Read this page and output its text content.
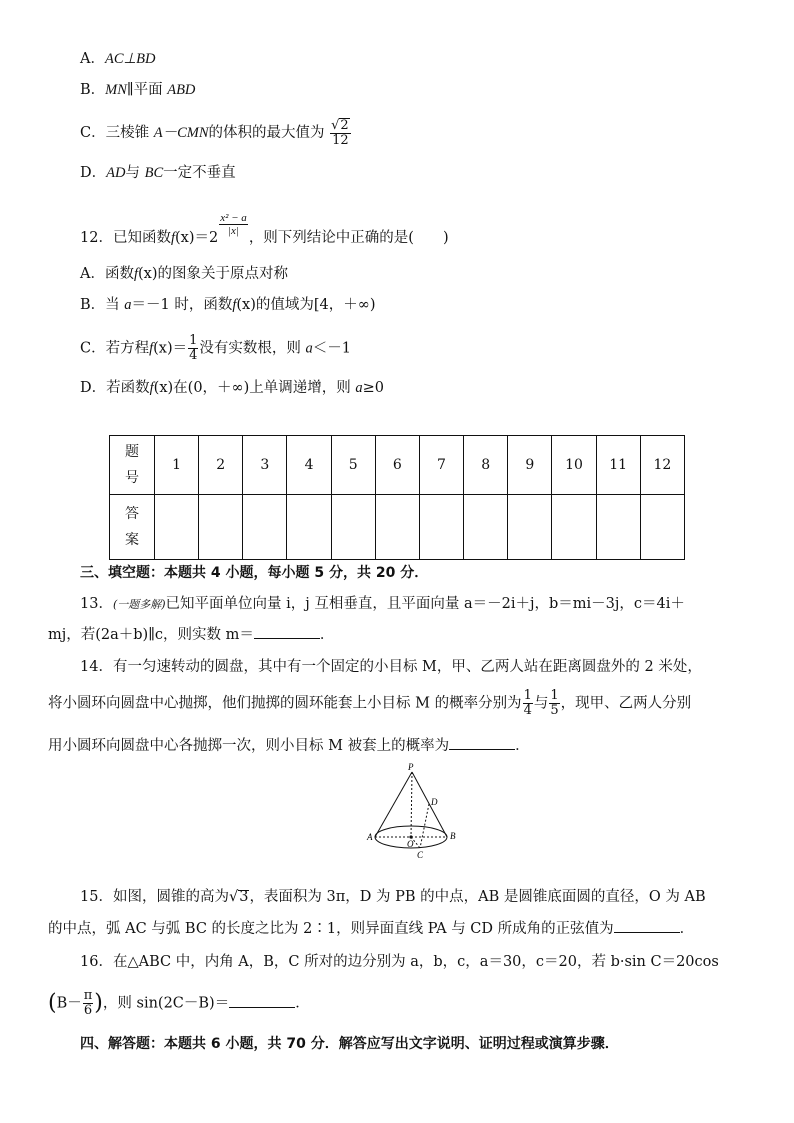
A．AC⊥BD
B．MN∥平面 ABD
C．三棱锥 A－CMN的体积的最大值为 $\frac{√2}{12}$
D．AD与 BC一定不垂直
12．已知函数f(x)＝2
$\frac{\text{x² − a}}{|x|}$
，则下列结论中正确的是(　　)
A．函数f(x)的图象关于原点对称
B．当 a＝－1 时，函数f(x)的值域为[4，＋∞)
C．若方程$f(x)= \frac{1}{4}$ 没有实数根，则 a＜－1
D．若函数f(x)在(0，＋∞)上单调递增，则 a≥0
题号	1	2	3	4	5	6	7	8	9	10	11	12
答案												
三、填空题：本题共 4 小题，每小题 5 分，共 20 分．
13．(一题多解)已知平面单位向量 i，j 互相垂直，且平面向量 a＝－2i＋j，b＝mi－3j，c＝4i＋
mj，若(2a＋b)∥c，则实数 m＝	．
14．有一匀速转动的圆盘，其中有一个固定的小目标 M，甲、乙两人站在距离圆盘外的 2 米处，
将小圆环向圆盘中心抛掷，他们抛掷的圆环能套上小目标 M 的概率分别为 $\frac{1}{4}$ 与 $\frac{1}{5}$ ，现甲、乙两人分别
用小圆环向圆盘中心各抛掷一次，则小目标 M 被套上的概率为	．
P
D
A
O
B
C
15．如图，圆锥的高为√3，表面积为 3π，D 为 PB 的中点，AB 是圆锥底面圆的直径，O 为 AB
的中点，弧 AC 与弧 BC 的长度之比为 2∶1，则异面直线 PA 与 CD 所成角的正弦值为	．
16．在△ABC 中，内角 A，B，C 所对的边分别为 a，b，c，a＝30，c＝20，若 b·sin C＝20cos
($B- \frac{\pi}{6}$ )，则 sin(2C－B)＝	．
四、解答题：本题共 6 小题，共 70 分．解答应写出文字说明、证明过程或演算步骤．
